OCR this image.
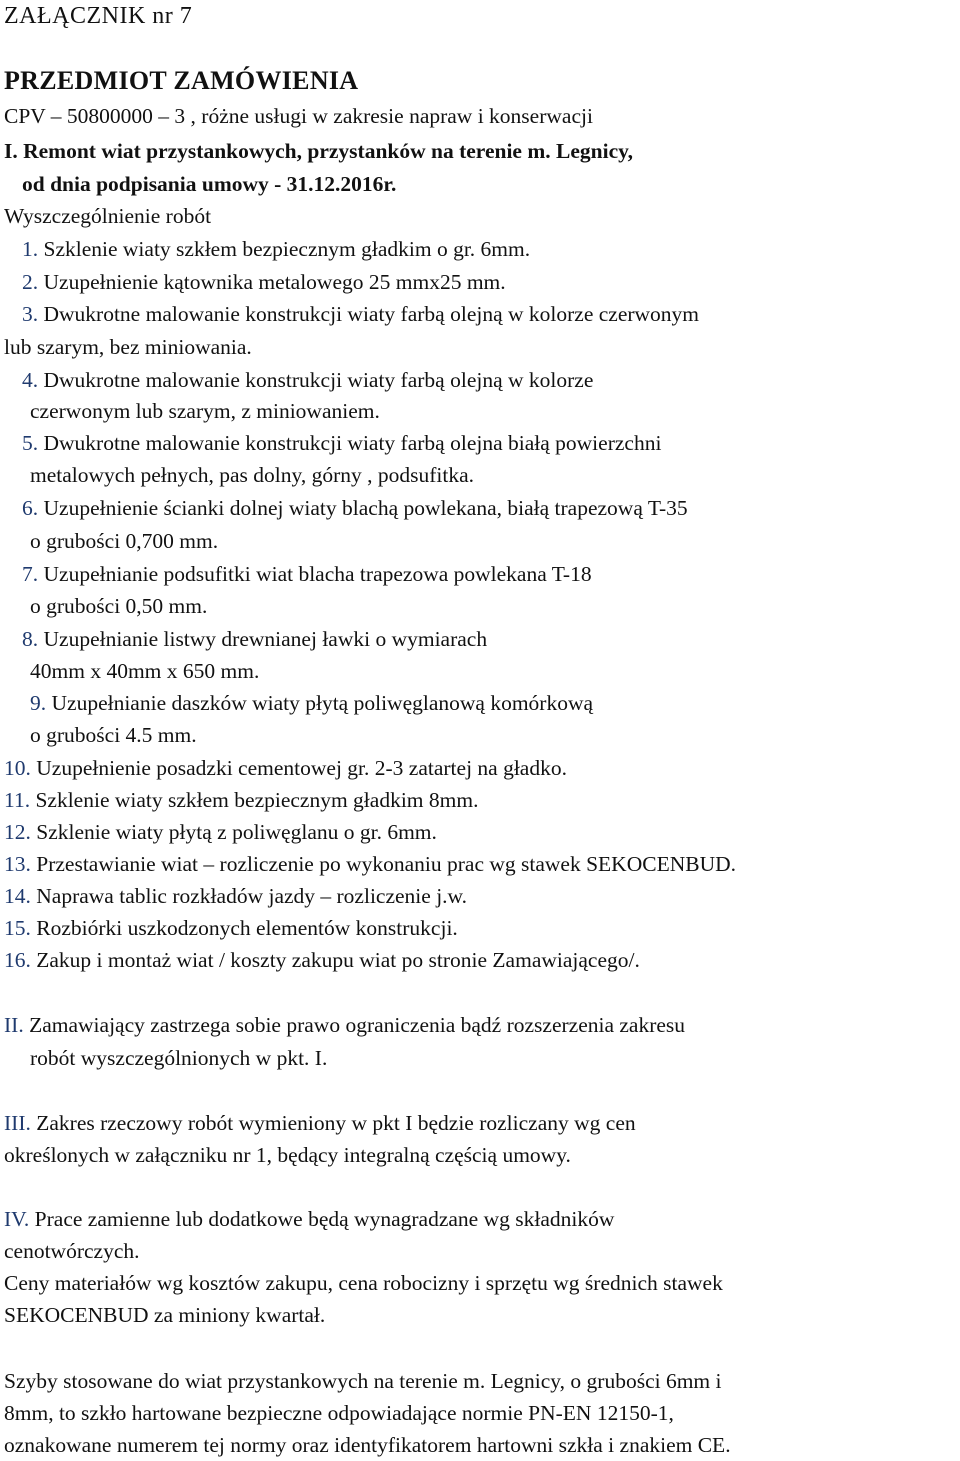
ZAŁĄCZNIK nr 7
PRZEDMIOT ZAMÓWIENIA
CPV – 50800000 – 3 , różne usługi w zakresie napraw i konserwacji
I. Remont wiat przystankowych, przystanków na terenie m. Legnicy,
od dnia podpisania umowy - 31.12.2016r.
Wyszczególnienie robót
1. Szklenie wiaty szkłem bezpiecznym gładkim o gr. 6mm.
2. Uzupełnienie kątownika metalowego 25 mmx25 mm.
3. Dwukrotne malowanie konstrukcji wiaty farbą olejną w kolorze czerwonym
lub szarym, bez miniowania.
4. Dwukrotne malowanie konstrukcji wiaty farbą olejną w kolorze
czerwonym lub szarym, z miniowaniem.
5. Dwukrotne malowanie konstrukcji wiaty farbą olejna białą powierzchni
metalowych pełnych, pas dolny, górny , podsufitka.
6. Uzupełnienie ścianki dolnej wiaty blachą powlekana, białą trapezową T-35
o grubości 0,700 mm.
7. Uzupełnianie podsufitki wiat blacha trapezowa powlekana T-18
o grubości 0,50 mm.
8. Uzupełnianie listwy drewnianej ławki o wymiarach
40mm x 40mm x 650 mm.
9. Uzupełnianie daszków wiaty płytą poliwęglanową komórkową
o grubości 4.5 mm.
10. Uzupełnienie posadzki cementowej gr. 2-3 zatartej na gładko.
11. Szklenie wiaty szkłem bezpiecznym gładkim 8mm.
12. Szklenie wiaty płytą z poliwęglanu o gr. 6mm.
13. Przestawianie wiat – rozliczenie po wykonaniu prac wg stawek SEKOCENBUD.
14. Naprawa tablic rozkładów jazdy – rozliczenie j.w.
15. Rozbiórki uszkodzonych elementów konstrukcji.
16. Zakup i montaż wiat / koszty zakupu wiat po stronie Zamawiającego/.
II. Zamawiający zastrzega sobie prawo ograniczenia bądź rozszerzenia zakresu
robót wyszczególnionych w pkt. I.
III. Zakres rzeczowy robót wymieniony w pkt I będzie rozliczany wg cen
określonych w załączniku nr 1, będący integralną częścią umowy.
IV. Prace zamienne lub dodatkowe będą wynagradzane wg składników
cenotwórczych.
Ceny materiałów wg kosztów zakupu, cena robocizny i sprzętu wg średnich stawek
SEKOCENBUD za miniony kwartał.
Szyby stosowane do wiat przystankowych na terenie m. Legnicy, o grubości 6mm i
8mm, to szkło hartowane bezpieczne odpowiadające normie PN-EN 12150-1,
oznakowane numerem tej normy oraz identyfikatorem hartowni szkła i znakiem CE.
